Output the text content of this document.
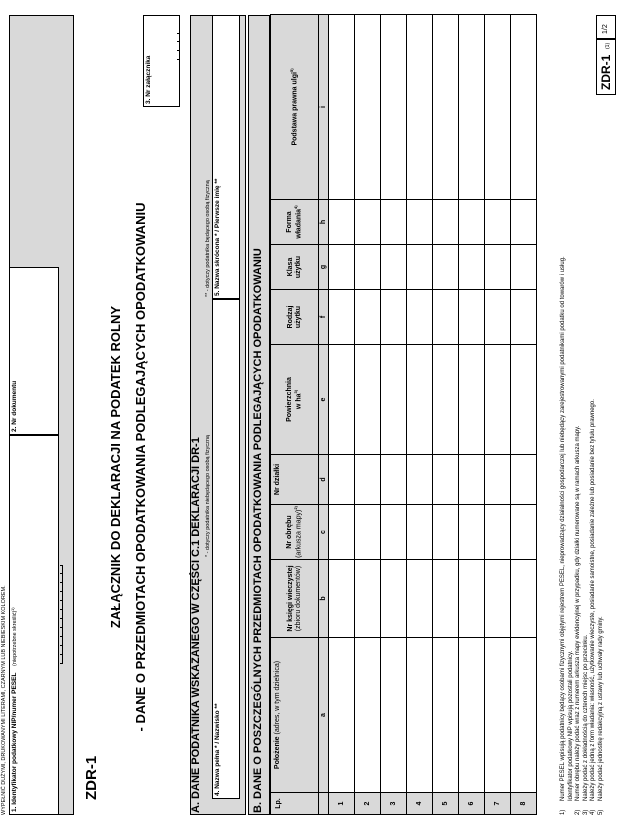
WYPEŁNIĆ DUŻYMI, DRUKOWANYMI LITERAMI, CZARNYM LUB NIEBIESKIM KOLOREM. 1. Identyfikator podatkowy NIP/numer PESEL
(niepotrzebne skreślić)
1)
2. Nr dokumentu
ZDR-1
ZAŁĄCZNIK DO DEKLARACJI NA PODATEK ROLNY - DANE O PRZEDMIOTACH OPODATKOWANIA PODLEGAJĄCYCH OPODATKOWANIU
3. Nr załącznika
A. DANE PODATNIKA WSKAZANEGO W CZĘŚCI C.1 DEKLARACJI DR-1 * - dotyczy podatnika niebędącego osobą fizyczną
** - dotyczy podatnika będącego osobą fizyczną
4. Nazwa pełna * / Nazwisko **
5. Nazwa skrócona * / Pierwsze imię **
B. DANE O POSZCZEGÓLNYCH PRZEDMIOTACH OPODATKOWANIA PODLEGAJĄCYCH OPODATKOWANIU Lp.	Położenie (adres, w tym dzielnica)	Nr księgi wieczystej
(zbioru dokumentów)	Nr obrębu (arkusza mapy)$^{2)}$	Nr działki	Powierzchnia w $ha^{3)}$	Rodzaj
użytku	Klasa
użytku	Forma władania$^{4)}$	Podstawa prawna ulgi$^{5)}$
	a	b	c	d	e	f	g	h	i
1									
2									
3									
4									
5									
6									
7									
8									
1)Numer PESEL wpisują podatnicy będący osobami fizycznymi objętymi rejestrem PESEL, nieprowadzący działalności gospodarczej lub niebędący zarejestrowanymi podatnikami podatku od towarów i usług. Identyfikator podatkowy NIP wpisują pozostali podatnicy.
2)Numer obrębu należy podać wraz z numerem arkusza mapy ewidencyjnej w przypadku, gdy działki numerowane są w ramach arkusza mapy.
3)Należy podać z dokładnością do czterech miejsc po przecinku.
4)Należy podać jedną z form władania: własność, użytkowanie wieczyste, posiadanie samoistne, posiadanie zależne lub posiadanie bez tytułu prawnego.
5)Należy podać jednostkę redakcyjną z ustawy lub uchwały rady gminy.
ZDR-1
(1)
1/2
